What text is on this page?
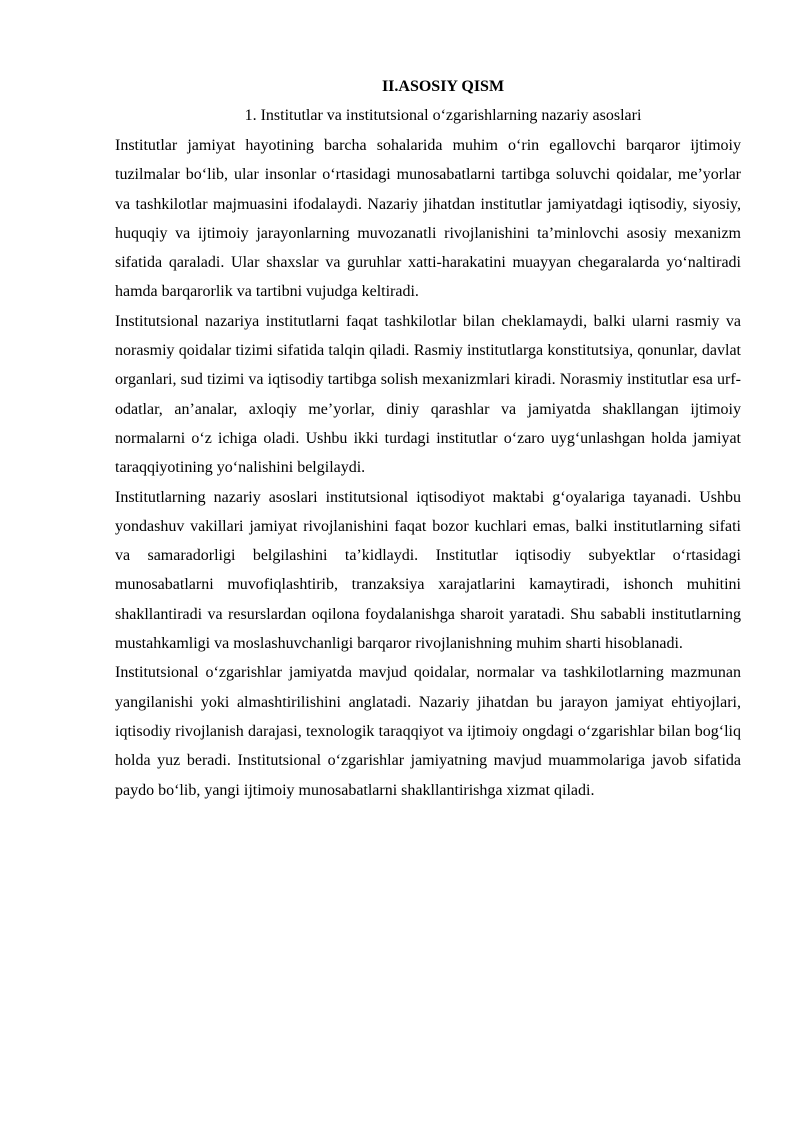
II.ASOSIY QISM
1. Institutlar va institutsional o‘zgarishlarning nazariy asoslari

Institutlar jamiyat hayotining barcha sohalarida muhim o‘rin egallovchi barqaror ijtimoiy tuzilmalar bo‘lib, ular insonlar o‘rtasidagi munosabatlarni tartibga soluvchi qoidalar, meʼyorlar va tashkilotlar majmuasini ifodalaydi. Nazariy jihatdan institutlar jamiyatdagi iqtisodiy, siyosiy, huquqiy va ijtimoiy jarayonlarning muvozanatli rivojlanishini ta’minlovchi asosiy mexanizm sifatida qaraladi. Ular shaxslar va guruhlar xatti-harakatini muayyan chegaralarda yo‘naltiradi hamda barqarorlik va tartibni vujudga keltiradi.

Institutsional nazariya institutlarni faqat tashkilotlar bilan cheklamaydi, balki ularni rasmiy va norasmiy qoidalar tizimi sifatida talqin qiladi. Rasmiy institutlarga konstitutsiya, qonunlar, davlat organlari, sud tizimi va iqtisodiy tartibga solish mexanizmlari kiradi. Norasmiy institutlar esa urf-odatlar, an’analar, axloqiy me’yorlar, diniy qarashlar va jamiyatda shakllangan ijtimoiy normalarni o‘z ichiga oladi. Ushbu ikki turdagi institutlar o‘zaro uyg‘unlashgan holda jamiyat taraqqiyotining yo‘nalishini belgilaydi.

Institutlarning nazariy asoslari institutsional iqtisodiyot maktabi g‘oyalariga tayanadi. Ushbu yondashuv vakillari jamiyat rivojlanishini faqat bozor kuchlari emas, balki institutlarning sifati va samaradorligi belgilashini ta’kidlaydi. Institutlar iqtisodiy subyektlar o‘rtasidagi munosabatlarni muvofiqlashtirib, tranzaksiya xarajatlarini kamaytiradi, ishonch muhitini shakllantiradi va resurslardan oqilona foydalanishga sharoit yaratadi. Shu sababli institutlarning mustahkamligi va moslashuvchanligi barqaror rivojlanishning muhim sharti hisoblanadi.

Institutsional o‘zgarishlar jamiyatda mavjud qoidalar, normalar va tashkilotlarning mazmunan yangilanishi yoki almashtirilishini anglatadi. Nazariy jihatdan bu jarayon jamiyat ehtiyojlari, iqtisodiy rivojlanish darajasi, texnologik taraqqiyot va ijtimoiy ongdagi o‘zgarishlar bilan bog‘liq holda yuz beradi. Institutsional o‘zgarishlar jamiyatning mavjud muammolariga javob sifatida paydo bo‘lib, yangi ijtimoiy munosabatlarni shakllantirishga xizmat qiladi.
